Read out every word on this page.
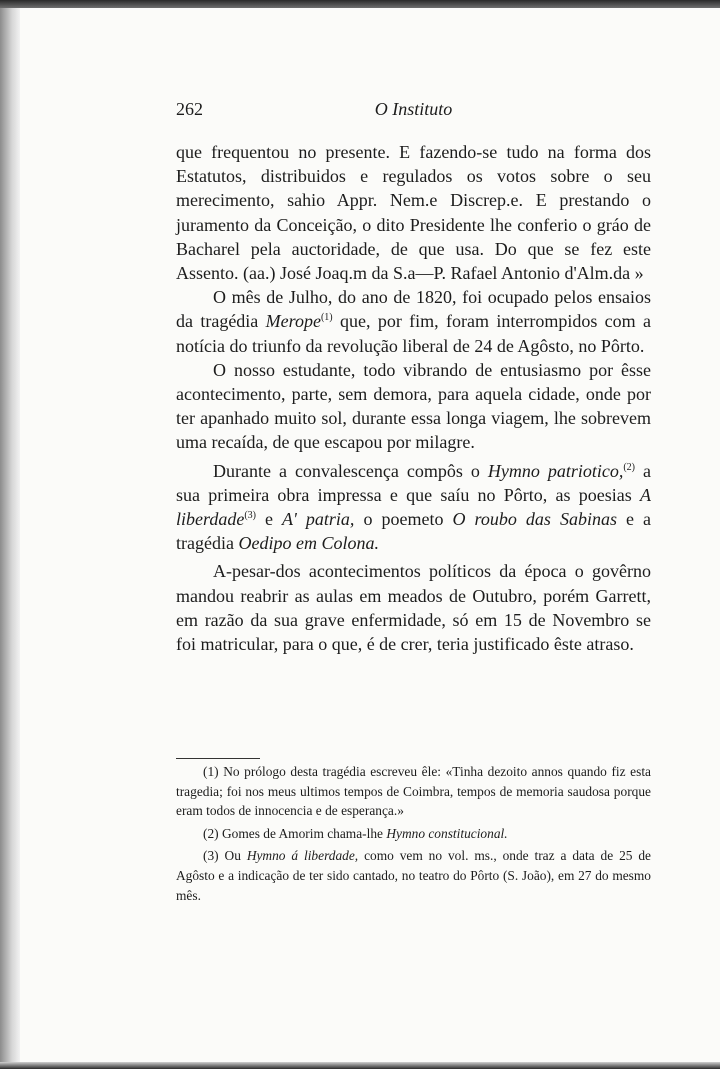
262	O Instituto

que frequentou no presente. E fazendo-se tudo na forma dos Estatutos, distribuidos e regulados os votos sobre o seu merecimento, sahio Appr. Nem.e Discrep.e. E prestando o juramento da Conceição, o dito Presidente lhe conferio o gráo de Bacharel pela auctoridade, de que usa. Do que se fez este Assento. (aa.) José Joaq.m da S.a—P. Rafael Antonio d'Alm.da »

O mês de Julho, do ano de 1820, foi ocupado pelos ensaios da tragédia Merope$^{(1)}$ que, por fim, foram interrompidos com a notícia do triunfo da revolução liberal de 24 de Agôsto, no Pôrto.

O nosso estudante, todo vibrando de entusiasmo por êsse acontecimento, parte, sem demora, para aquela cidade, onde por ter apanhado muito sol, durante essa longa viagem, lhe sobrevem uma recaída, de que escapou por milagre.

Durante a convalescença compôs o Hymno patriotico,$^{(2)}$ a sua primeira obra impressa e que saíu no Pôrto, as poesias A liberdade$^{(3)}$ e A' patria, o poemeto O roubo das Sabinas e a tragédia Oedipo em Colona.

A-pesar-dos acontecimentos políticos da época o govêrno mandou reabrir as aulas em meados de Outubro, porém Garrett, em razão da sua grave enfermidade, só em 15 de Novembro se foi matricular, para o que, é de crer, teria justificado êste atraso.

(1) No prólogo desta tragédia escreveu êle: «Tinha dezoito annos quando fiz esta tragedia; foi nos meus ultimos tempos de Coimbra, tempos de memoria saudosa porque eram todos de innocencia e de esperança.»

(2) Gomes de Amorim chama-lhe Hymno constitucional.

(3) Ou Hymno á liberdade, como vem no vol. ms., onde traz a data de 25 de Agôsto e a indicação de ter sido cantado, no teatro do Pôrto (S. João), em 27 do mesmo mês.
